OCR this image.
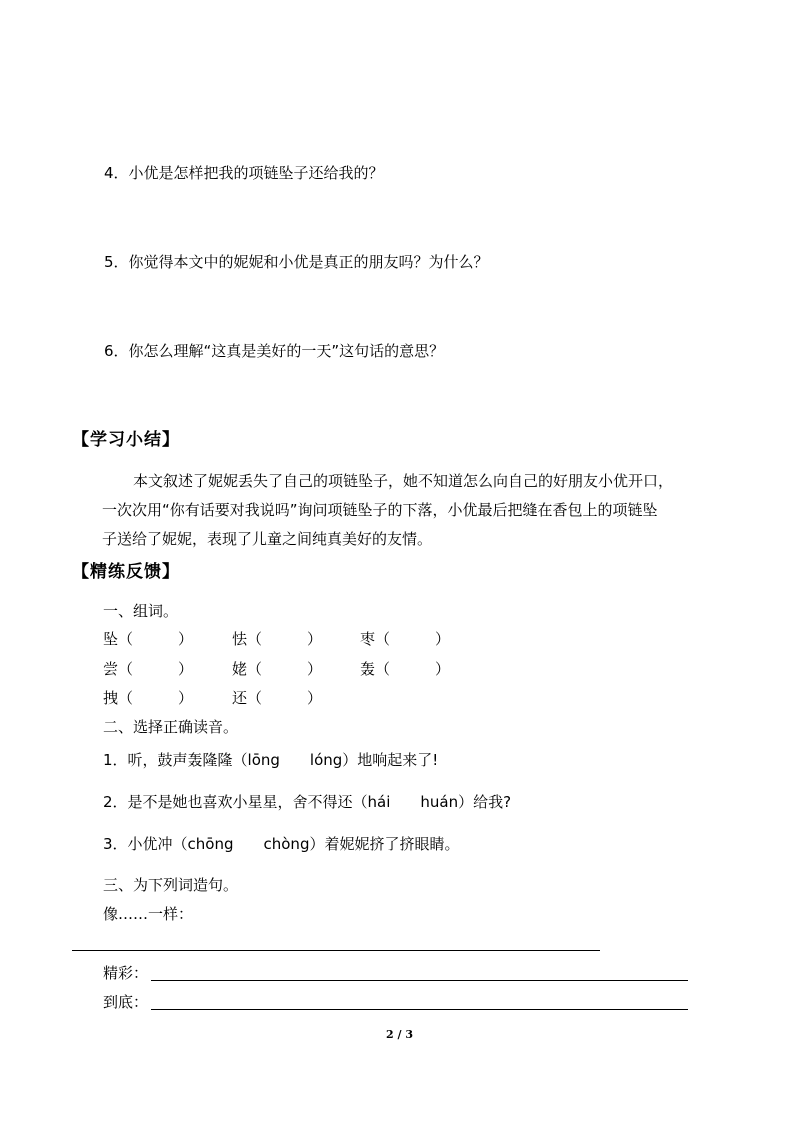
4．小优是怎样把我的项链坠子还给我的？
5．你觉得本文中的妮妮和小优是真正的朋友吗？为什么？
6．你怎么理解“这真是美好的一天”这句话的意思？
【学习小结】
本文叙述了妮妮丢失了自己的项链坠子，她不知道怎么向自己的好朋友小优开口，
一次次用“你有话要对我说吗”询问项链坠子的下落，小优最后把缝在香包上的项链坠
子送给了妮妮，表现了儿童之间纯真美好的友情。
【精练反馈】
一、组词。
坠（　　　）	怯（　　　）	枣（　　　）
尝（　　　）	姥（　　　）	轰（　　　）
拽（　　　）	还（　　　）
二、选择正确读音。
1．听，鼓声轰隆隆（lōng　　lóng）地响起来了!
2．是不是她也喜欢小星星，舍不得还（hái　　huán）给我?
3．小优冲（chōng　　chòng）着妮妮挤了挤眼睛。
三、为下列词造句。
像……一样：
精彩：
到底：
2 / 3
